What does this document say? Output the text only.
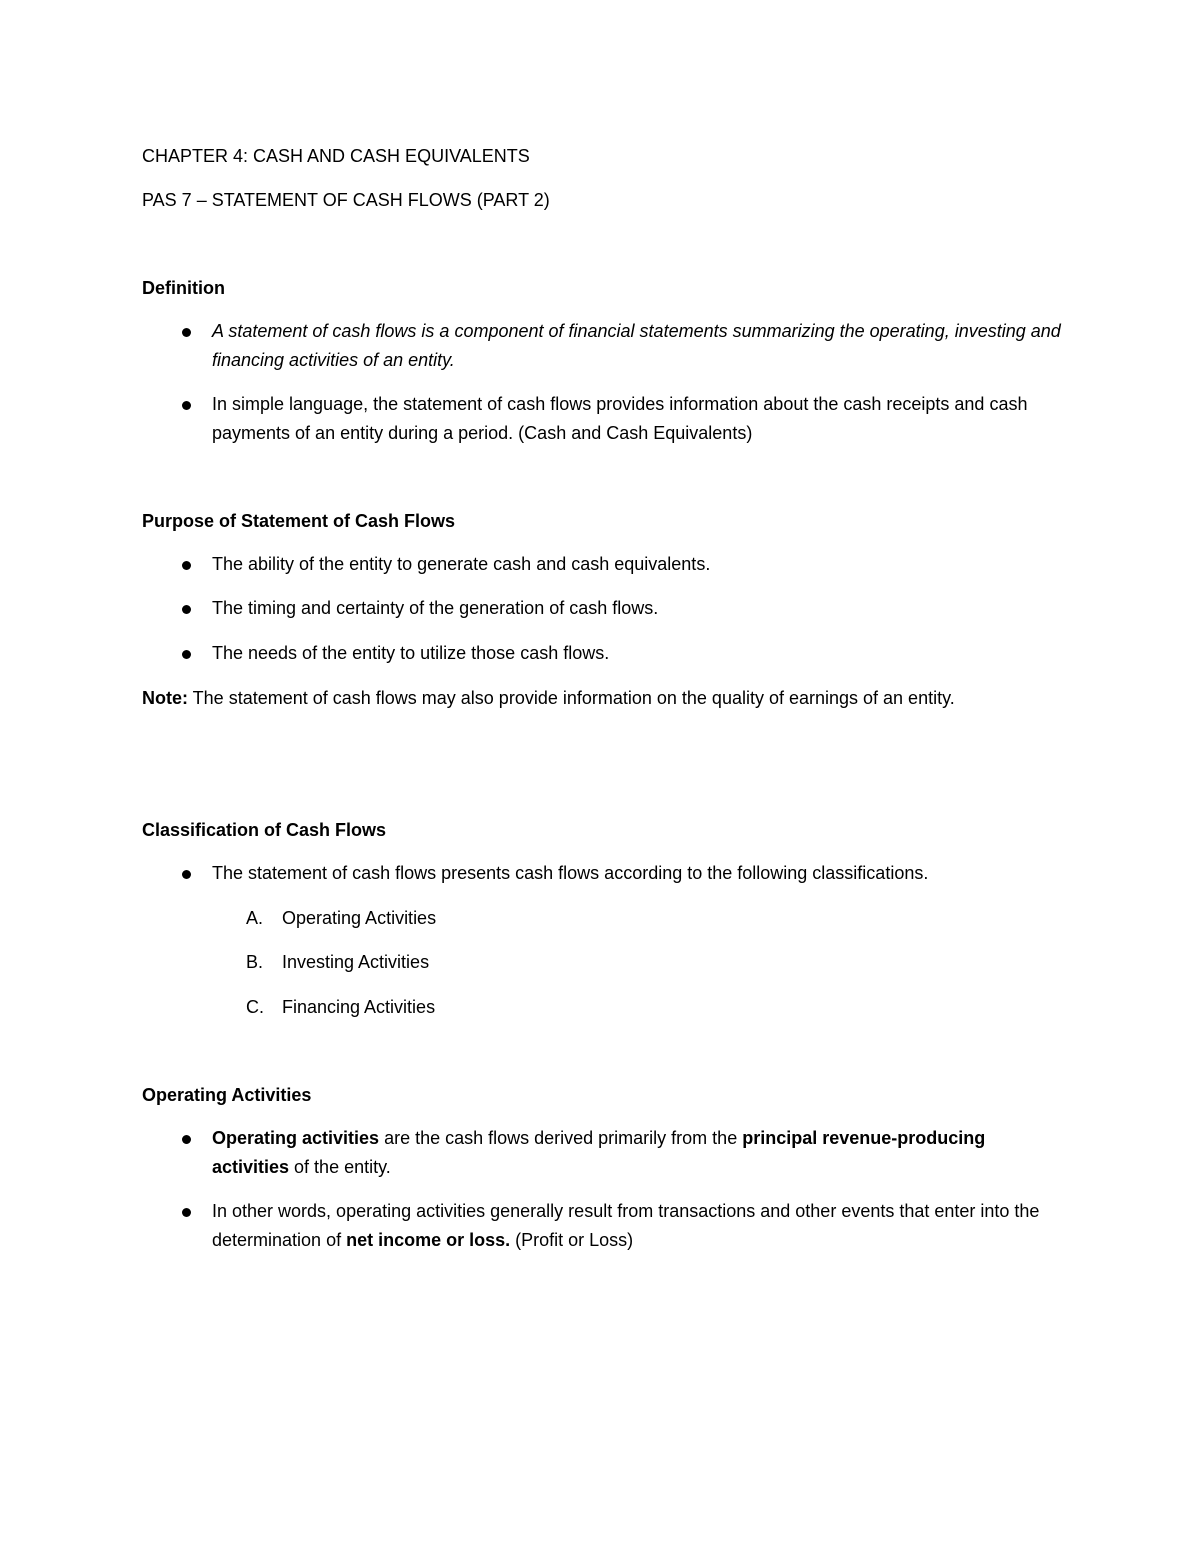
CHAPTER 4: CASH AND CASH EQUIVALENTS
PAS 7 – STATEMENT OF CASH FLOWS (PART 2)
Definition
A statement of cash flows is a component of financial statements summarizing the operating, investing and financing activities of an entity.
In simple language, the statement of cash flows provides information about the cash receipts and cash payments of an entity during a period. (Cash and Cash Equivalents)
Purpose of Statement of Cash Flows
The ability of the entity to generate cash and cash equivalents.
The timing and certainty of the generation of cash flows.
The needs of the entity to utilize those cash flows.
Note: The statement of cash flows may also provide information on the quality of earnings of an entity.
Classification of Cash Flows
The statement of cash flows presents cash flows according to the following classifications.
A. Operating Activities
B. Investing Activities
C. Financing Activities
Operating Activities
Operating activities are the cash flows derived primarily from the principal revenue-producing activities of the entity.
In other words, operating activities generally result from transactions and other events that enter into the determination of net income or loss. (Profit or Loss)
